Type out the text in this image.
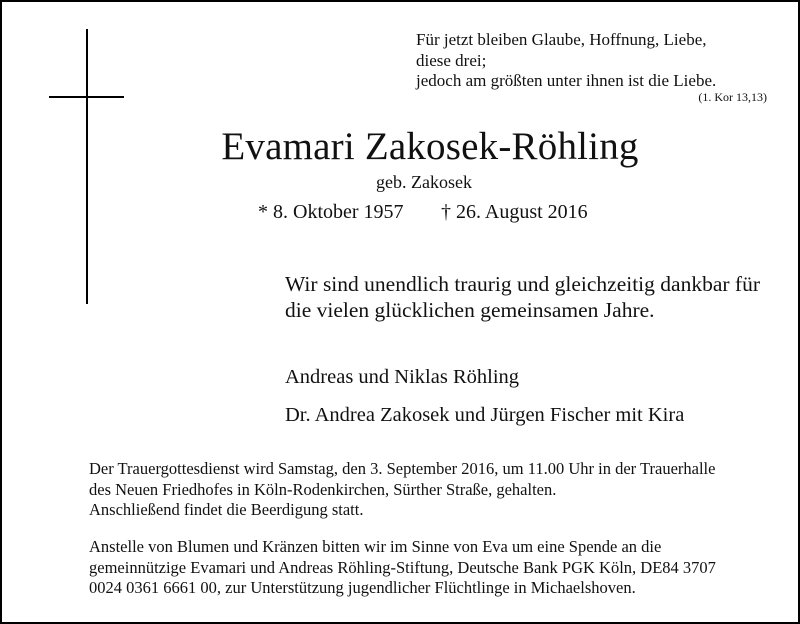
Für jetzt bleiben Glaube, Hoffnung, Liebe,
diese drei;
jedoch am größten unter ihnen ist die Liebe.
(1. Kor 13,13)
Evamari Zakosek-Röhling
geb. Zakosek
* 8. Oktober 1957 † 26. August 2016
Wir sind unendlich traurig und gleichzeitig dankbar für
die vielen glücklichen gemeinsamen Jahre.
Andreas und Niklas Röhling
Dr. Andrea Zakosek und Jürgen Fischer mit Kira
Der Trauergottesdienst wird Samstag, den 3. September 2016, um 11.00 Uhr in der Trauerhalle
des Neuen Friedhofes in Köln-Rodenkirchen, Sürther Straße, gehalten.
Anschließend findet die Beerdigung statt.
Anstelle von Blumen und Kränzen bitten wir im Sinne von Eva um eine Spende an die
gemeinnützige Evamari und Andreas Röhling-Stiftung, Deutsche Bank PGK Köln, DE84 3707
0024 0361 6661 00, zur Unterstützung jugendlicher Flüchtlinge in Michaelshoven.
